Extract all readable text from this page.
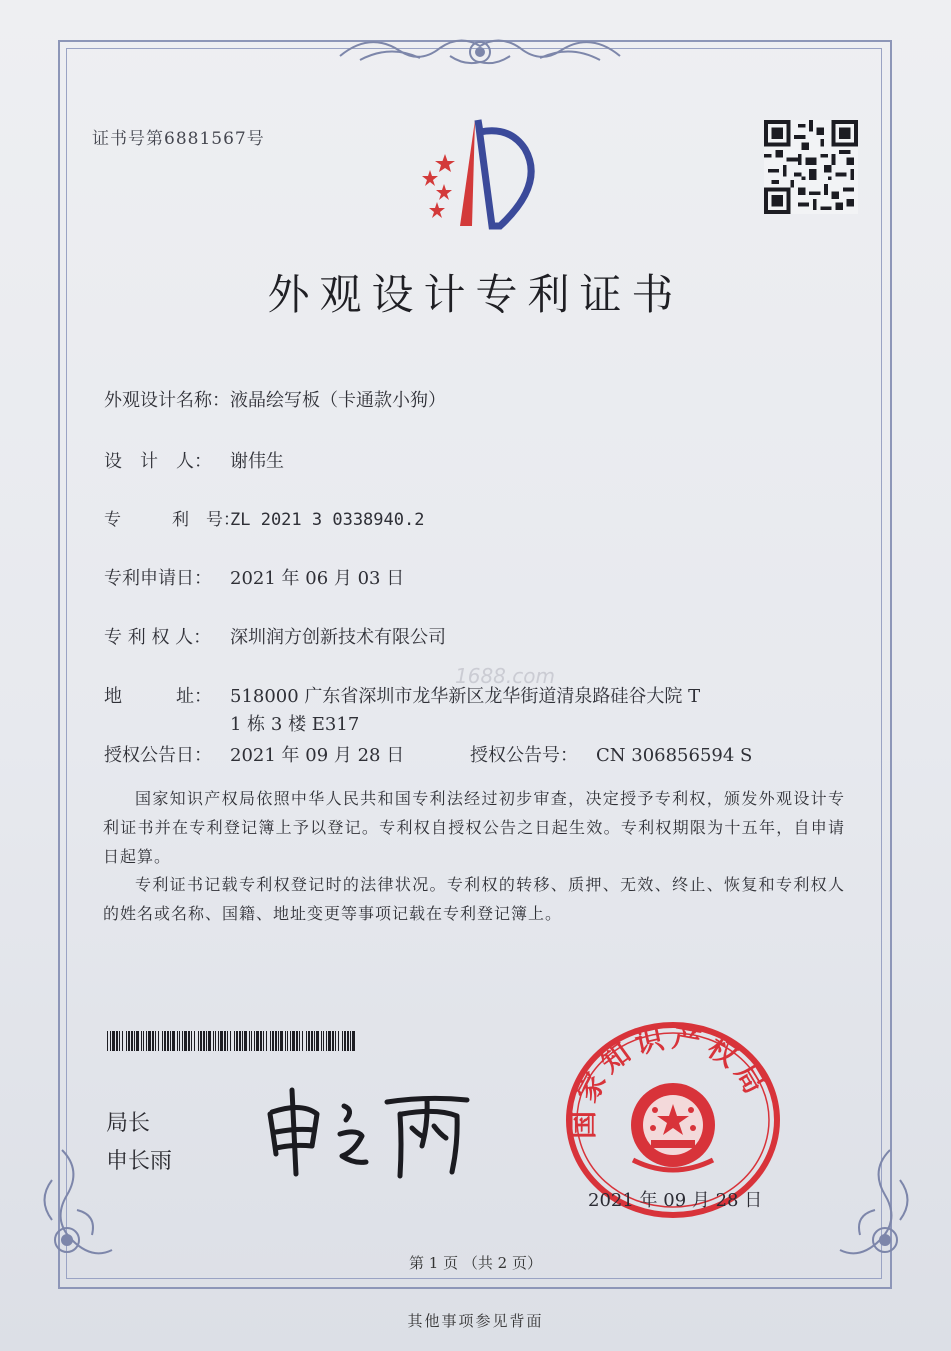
证书号第6881567号
外观设计专利证书
外观设计名称：液晶绘写板（卡通款小狗）
设　计　人： 谢伟生
专　　　利　号：ZL 2021 3 0338940.2
专利申请日： 2021 年 06 月 03 日
专 利 权 人： 深圳润方创新技术有限公司
地　　　址： 518000 广东省深圳市龙华新区龙华街道清泉路硅谷大院 T
1 栋 3 楼 E317
1688.com
授权公告日： 2021 年 09 月 28 日	授权公告号： CN 306856594 S
国家知识产权局依照中华人民共和国专利法经过初步审查，决定授予专利权，颁发外观设计专利证书并在专利登记簿上予以登记。专利权自授权公告之日起生效。专利权期限为十五年，自申请日起算。
专利证书记载专利权登记时的法律状况。专利权的转移、质押、无效、终止、恢复和专利权人的姓名或名称、国籍、地址变更等事项记载在专利登记簿上。
局长
申长雨
国家知识产权局
2021 年 09 月 28 日
第 1 页 （共 2 页）
其他事项参见背面
